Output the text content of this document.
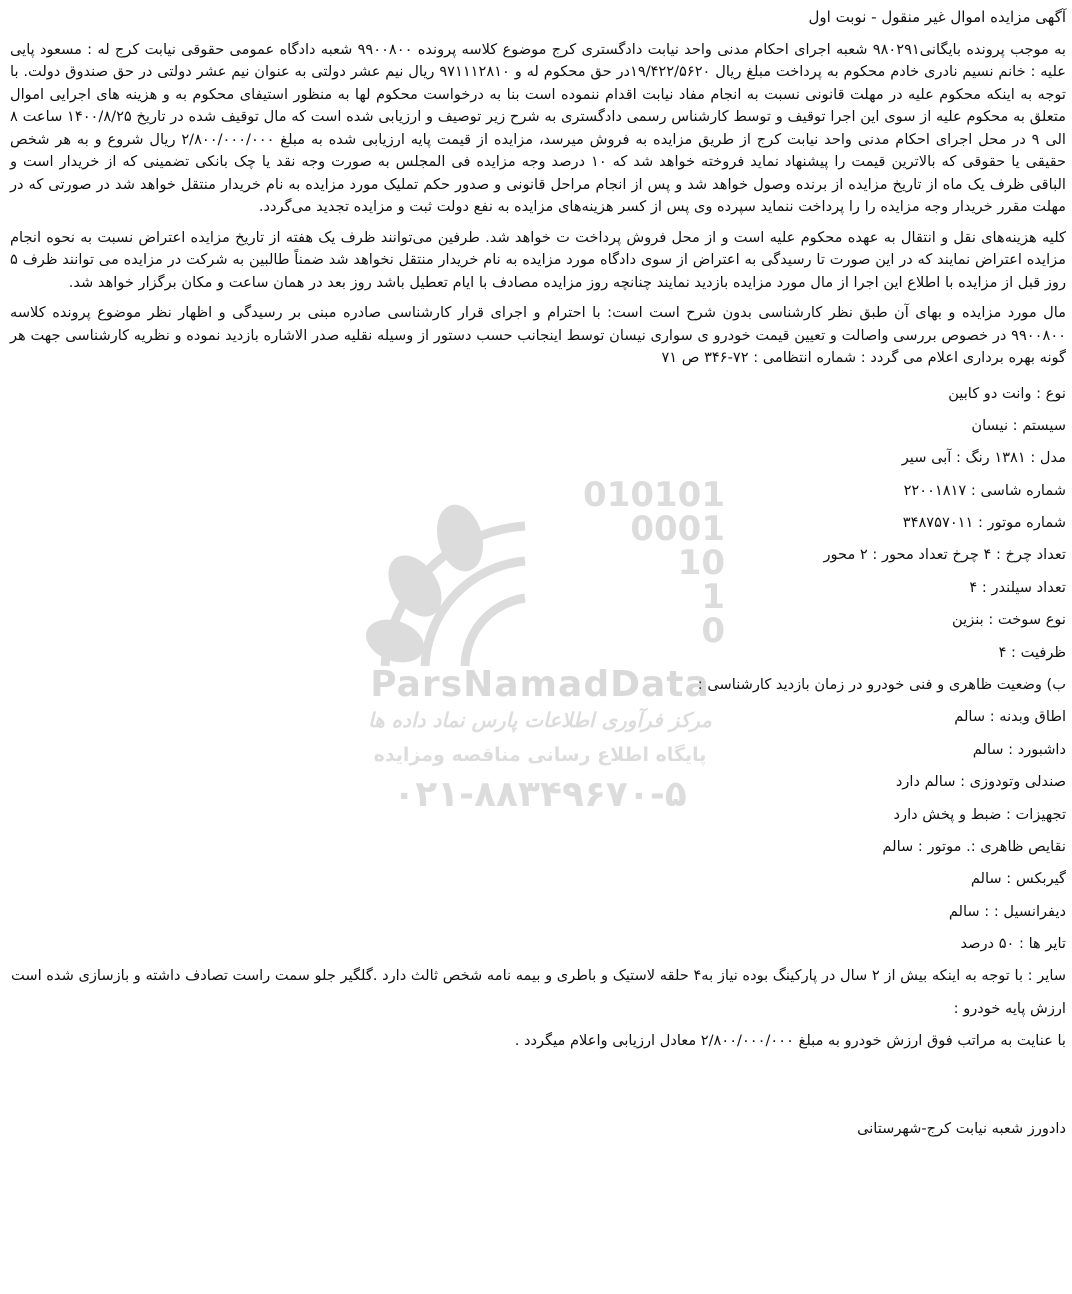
آگهی مزایده اموال غیر منقول - نوبت اول
به موجب پرونده بایگانی۹۸۰۲۹۱ شعبه اجرای احکام مدنی واحد نیابت دادگستری کرج موضوع کلاسه پرونده ۹۹۰۰۸۰۰ شعبه دادگاه عمومی حقوقی نیابت کرج له : مسعود پایی علیه : خانم نسیم نادری خادم محکوم به پرداخت مبلغ ریال ۱۹/۴۲۲/۵۶۲۰در حق محکوم له و ۹۷۱۱۱۲۸۱۰ ریال نیم عشر دولتی به عنوان نیم عشر دولتی در حق صندوق دولت. با توجه به اینکه محکوم علیه در مهلت قانونی نسبت به انجام مفاد نیابت اقدام ننموده است بنا به درخواست محکوم لها به منظور استیفای محکوم به و هزینه های اجرایی اموال متعلق به محکوم علیه از سوی این اجرا توقیف و توسط کارشناس رسمی دادگستری به شرح زیر توصیف و ارزیابی شده است که مال توقیف شده در تاریخ ۱۴۰۰/۸/۲۵ ساعت ۸ الی ۹ در محل اجرای احکام مدنی واحد نیابت کرج از طریق مزایده به فروش میرسد، مزایده از قیمت پایه ارزیابی شده به مبلغ ۲/۸۰۰/۰۰۰/۰۰۰ ریال شروع و به هر شخص حقیقی یا حقوقی که بالاترین قیمت را پیشنهاد نماید فروخته خواهد شد که ۱۰ درصد وجه مزایده فی المجلس به صورت وجه نقد یا چک بانکی تضمینی که از خریدار است و الباقی ظرف یک ماه از تاریخ مزایده از برنده وصول خواهد شد و پس از انجام مراحل قانونی و صدور حکم تملیک مورد مزایده به نام خریدار منتقل خواهد شد در صورتی که در مهلت مقرر خریدار وجه مزایده را را پرداخت ننماید سپرده وی پس از کسر هزینه‌های مزایده به نفع دولت ثبت و مزایده تجدید می‌گردد.
کلیه هزینه‌های نقل و انتقال به عهده محکوم علیه است و از محل فروش پرداخت ت خواهد شد. طرفین می‌توانند ظرف یک هفته از تاریخ مزایده اعتراض نسبت به نحوه انجام مزایده اعتراض نمایند که در این صورت تا رسیدگی به اعتراض از سوی دادگاه مورد مزایده به نام خریدار منتقل نخواهد شد ضمناً طالبین به شرکت در مزایده می توانند ظرف ۵ روز قبل از مزایده با اطلاع این اجرا از مال مورد مزایده بازدید نمایند چنانچه روز مزایده مصادف با ایام تعطیل باشد روز بعد در همان ساعت و مکان برگزار خواهد شد.
مال مورد مزایده و بهای آن طبق نظر کارشناسی بدون شرح است است: با احترام و اجرای قرار کارشناسی صادره مبنی بر رسیدگی و اظهار نظر موضوع پرونده کلاسه ۹۹۰۰۸۰۰ در خصوص بررسی واصالت و تعیین قیمت خودرو ی سواری نیسان توسط اینجانب حسب دستور از وسیله نقلیه صدر الاشاره بازدید نموده و نظریه کارشناسی جهت هر گونه بهره برداری اعلام می گردد : شماره انتظامی : ۷۲-۳۴۶ ص ۷۱
نوع : وانت دو کابین
سیستم : نیسان
مدل : ۱۳۸۱ رنگ : آبی سیر
شماره شاسی : ۲۲۰۰۱۸۱۷
شماره موتور : ۳۴۸۷۵۷۰۱۱
تعداد چرخ : ۴ چرخ تعداد محور : ۲ محور
تعداد سیلندر : ۴
نوع سوخت : بنزین
ظرفیت : ۴
ب) وضعیت ظاهری و فنی خودرو در زمان بازدید کارشناسی :
اطاق وبدنه : سالم
داشبورد : سالم
صندلی وتودوزی : سالم دارد
تجهیزات : ضبط و پخش دارد
نقایص ظاهری :. موتور : سالم
گیربکس : سالم
دیفرانسیل : : سالم
تایر ها : ۵۰ درصد
سایر : با توجه به اینکه بیش از ۲ سال در پارکینگ بوده نیاز به۴ حلقه لاستیک و باطری و بیمه نامه شخص ثالث دارد .گلگیر جلو سمت راست تصادف داشته و بازسازی شده است
ارزش پایه خودرو :
با عنایت به مراتب فوق ارزش خودرو به مبلغ ۲/۸۰۰/۰۰۰/۰۰۰ معادل ارزیابی واعلام میگردد .
دادورز شعبه نیابت کرج-شهرستانی
010101
0001
10
1
0
ParsNamadData
مرکز فرآوری اطلاعات پارس نماد داده ها
پایگاه اطلاع رسانی مناقصه ومزایده
۰۲۱-۸۸۳۴۹۶۷۰-۵
